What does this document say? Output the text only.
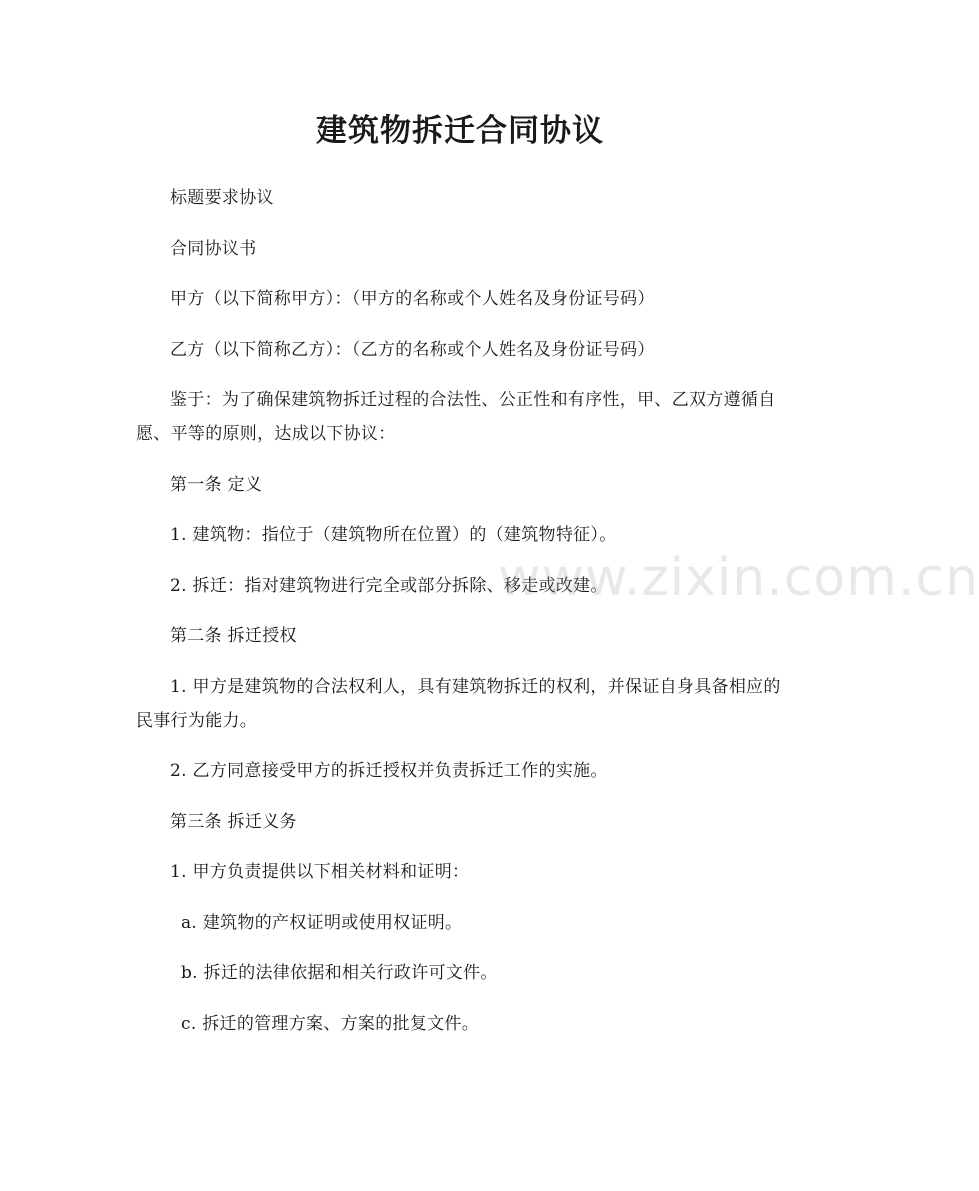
建筑物拆迁合同协议

标题要求协议

合同协议书

甲方（以下简称甲方）：（甲方的名称或个人姓名及身份证号码）

乙方（以下简称乙方）：（乙方的名称或个人姓名及身份证号码）

鉴于：为了确保建筑物拆迁过程的合法性、公正性和有序性，甲、乙双方遵循自愿、平等的原则，达成以下协议：

第一条 定义

1. 建筑物：指位于（建筑物所在位置）的（建筑物特征）。

2. 拆迁：指对建筑物进行完全或部分拆除、移走或改建。

第二条 拆迁授权

1. 甲方是建筑物的合法权利人，具有建筑物拆迁的权利，并保证自身具备相应的民事行为能力。

2. 乙方同意接受甲方的拆迁授权并负责拆迁工作的实施。

第三条 拆迁义务

1. 甲方负责提供以下相关材料和证明：

a. 建筑物的产权证明或使用权证明。

b. 拆迁的法律依据和相关行政许可文件。

c. 拆迁的管理方案、方案的批复文件。

www.zixin.com.cn
